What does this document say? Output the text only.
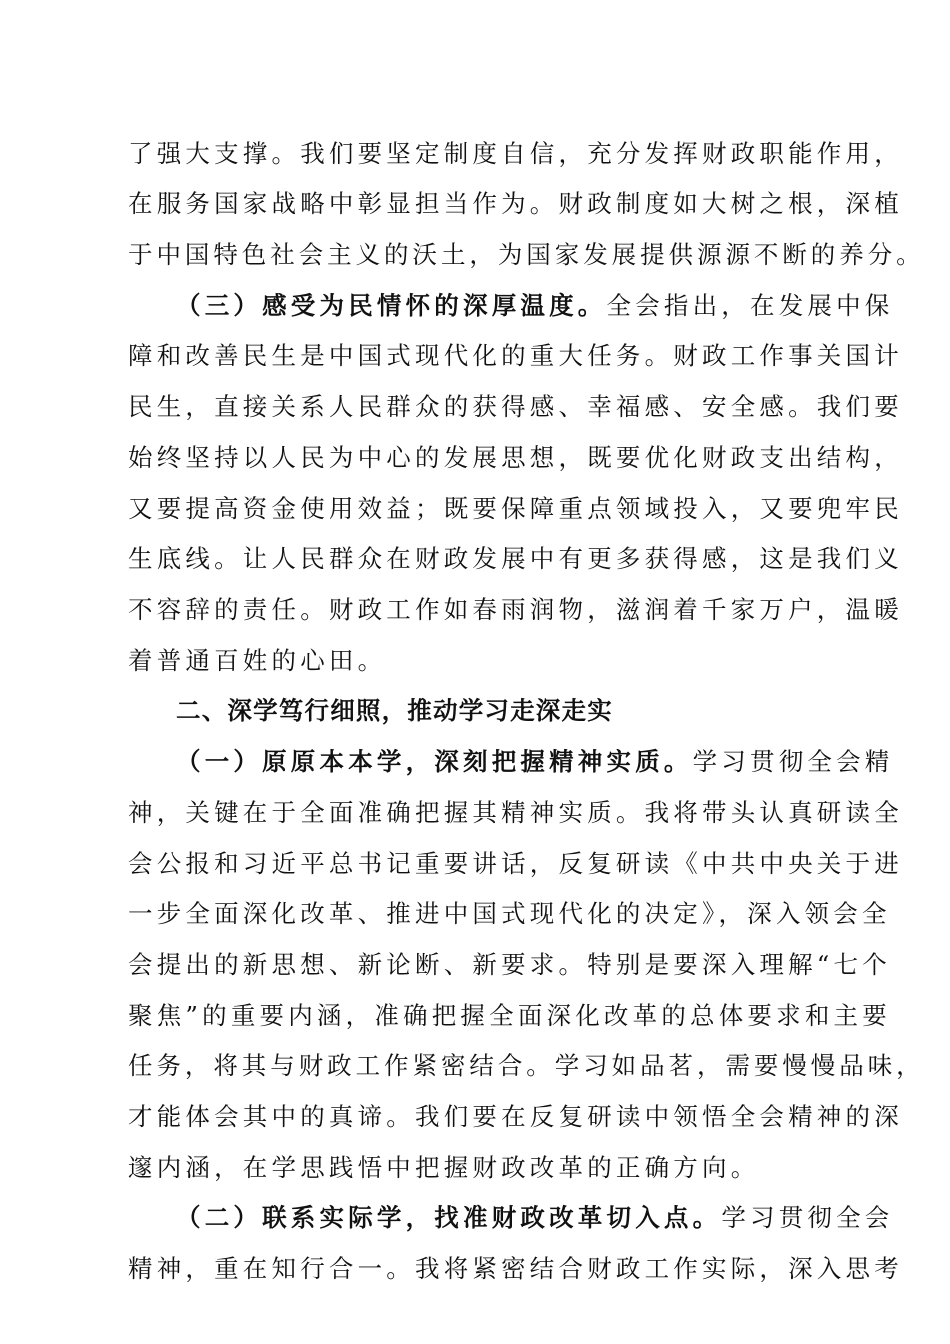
了强大支撑。我们要坚定制度自信，充分发挥财政职能作用，
在服务国家战略中彰显担当作为。财政制度如大树之根，深植
于中国特色社会主义的沃土，为国家发展提供源源不断的养分。
（三）感受为民情怀的深厚温度。全会指出，在发展中保
障和改善民生是中国式现代化的重大任务。财政工作事关国计
民生，直接关系人民群众的获得感、幸福感、安全感。我们要
始终坚持以人民为中心的发展思想，既要优化财政支出结构，
又要提高资金使用效益；既要保障重点领域投入，又要兜牢民
生底线。让人民群众在财政发展中有更多获得感，这是我们义
不容辞的责任。财政工作如春雨润物，滋润着千家万户，温暖
着普通百姓的心田。
二、深学笃行细照，推动学习走深走实
（一）原原本本学，深刻把握精神实质。学习贯彻全会精
神，关键在于全面准确把握其精神实质。我将带头认真研读全
会公报和习近平总书记重要讲话，反复研读《中共中央关于进
一步全面深化改革、推进中国式现代化的决定》，深入领会全
会提出的新思想、新论断、新要求。特别是要深入理解“七个
聚焦”的重要内涵，准确把握全面深化改革的总体要求和主要
任务，将其与财政工作紧密结合。学习如品茗，需要慢慢品味，
才能体会其中的真谛。我们要在反复研读中领悟全会精神的深
邃内涵，在学思践悟中把握财政改革的正确方向。
（二）联系实际学，找准财政改革切入点。学习贯彻全会
精神，重在知行合一。我将紧密结合财政工作实际，深入思考
